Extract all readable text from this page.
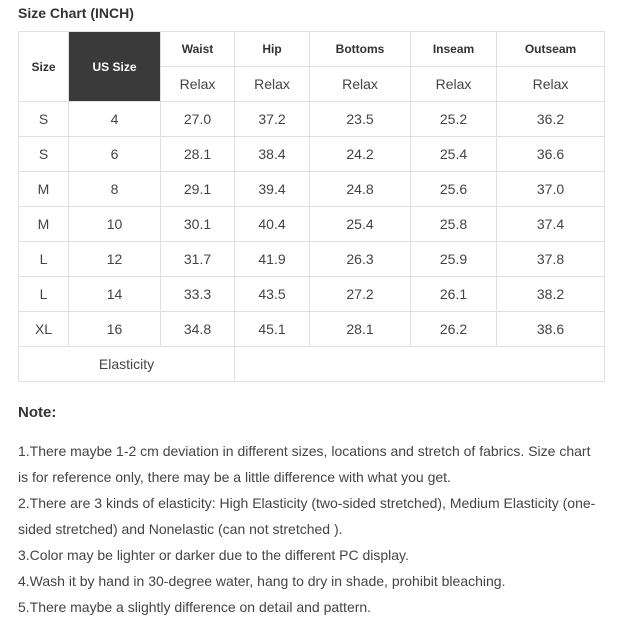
Size Chart (INCH)
Size	US Size	Waist	Hip	Bottoms	Inseam	Outseam
		Relax	Relax	Relax	Relax	Relax
S	4	27.0	37.2	23.5	25.2	36.2
S	6	28.1	38.4	24.2	25.4	36.6
M	8	29.1	39.4	24.8	25.6	37.0
M	10	30.1	40.4	25.4	25.8	37.4
L	12	31.7	41.9	26.3	25.9	37.8
L	14	33.3	43.5	27.2	26.1	38.2
XL	16	34.8	45.1	28.1	26.2	38.6
Elasticity						
Note:
1.There maybe 1-2 cm deviation in different sizes, locations and stretch of fabrics. Size chart is for reference only, there may be a little difference with what you get.
2.There are 3 kinds of elasticity: High Elasticity (two-sided stretched), Medium Elasticity (one-sided stretched) and Nonelastic (can not stretched ).
3.Color may be lighter or darker due to the different PC display.
4.Wash it by hand in 30-degree water, hang to dry in shade, prohibit bleaching.
5.There maybe a slightly difference on detail and pattern.
